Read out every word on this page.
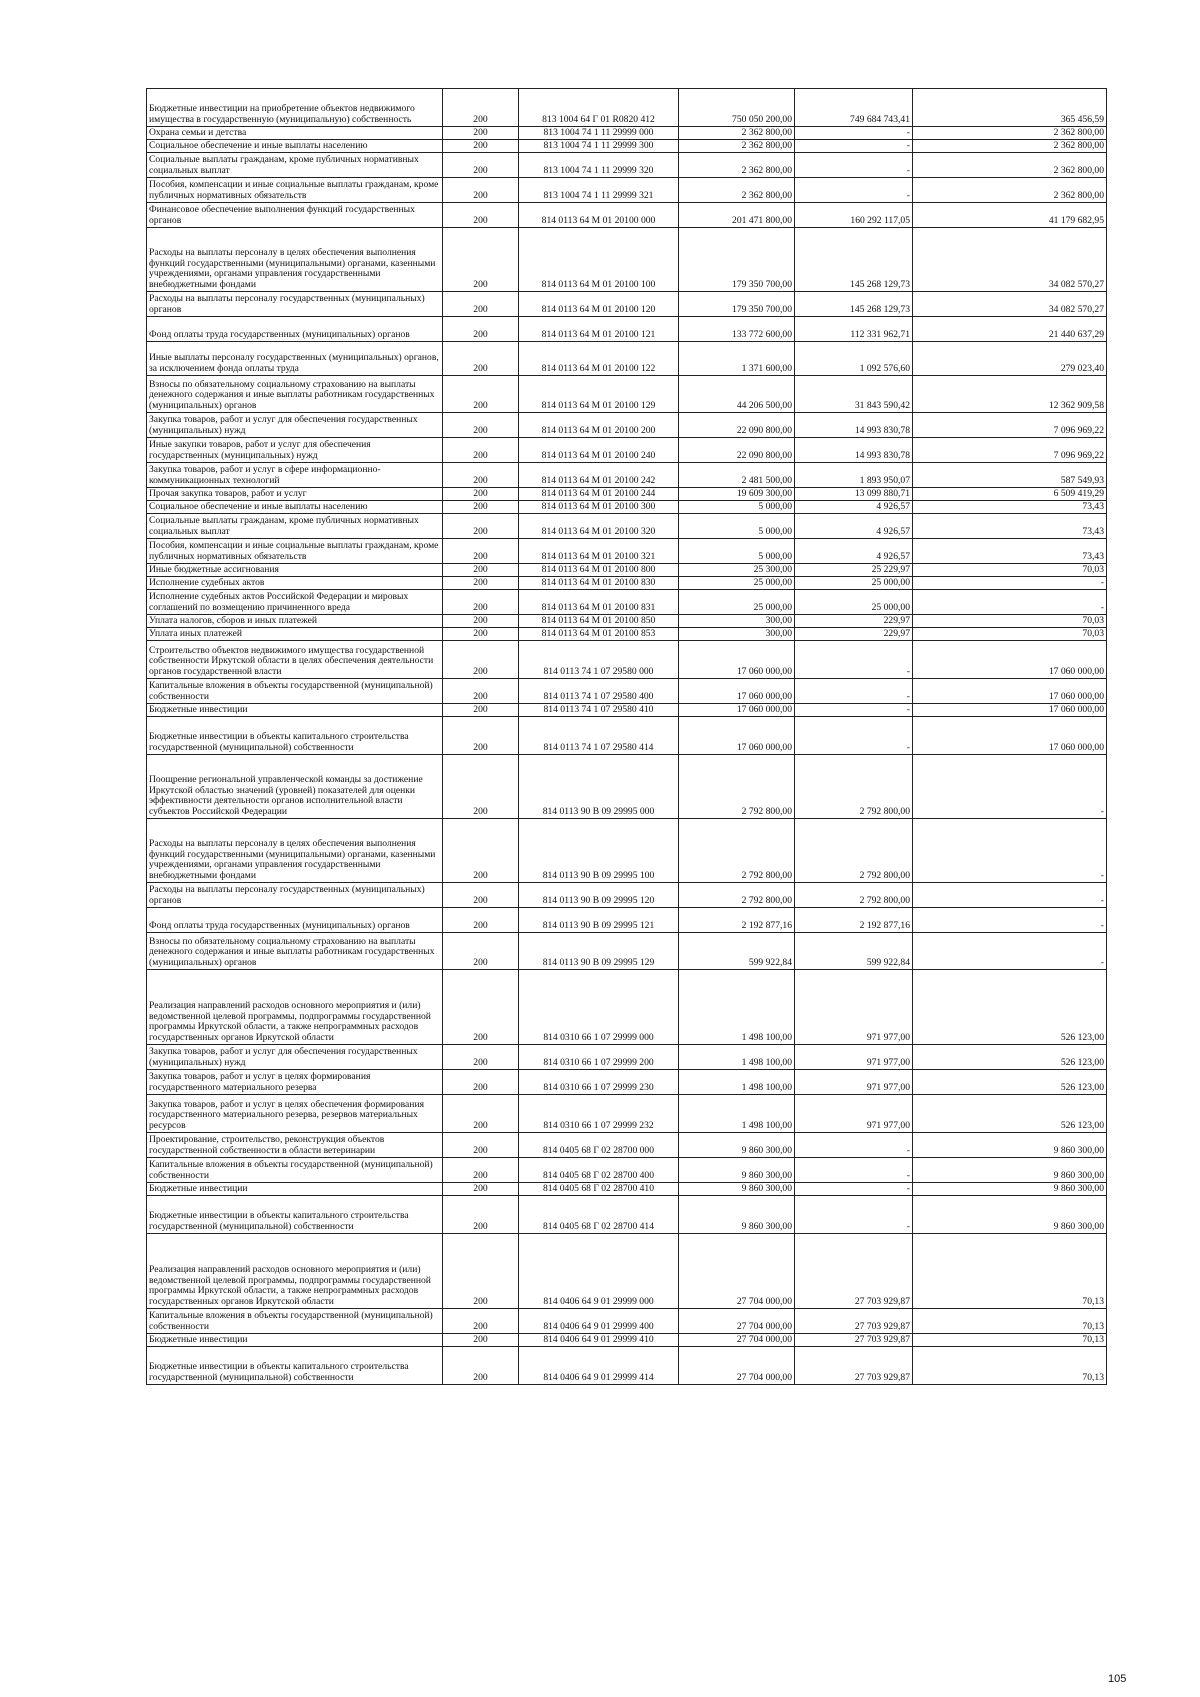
Бюджетные инвестиции на приобретение объектов недвижимого имущества в государственную (муниципальную) собственность	200	813 1004 64 Г 01 R0820 412	750 050 200,00	749 684 743,41	365 456,59
Охрана семьи и детства	200	813 1004 74 1 11 29999 000	2 362 800,00	-	2 362 800,00
Социальное обеспечение и иные выплаты населению	200	813 1004 74 1 11 29999 300	2 362 800,00	-	2 362 800,00
Социальные выплаты гражданам, кроме публичных нормативных социальных выплат	200	813 1004 74 1 11 29999 320	2 362 800,00	-	2 362 800,00
Пособия, компенсации и иные социальные выплаты гражданам, кроме публичных нормативных обязательств	200	813 1004 74 1 11 29999 321	2 362 800,00	-	2 362 800,00
Финансовое обеспечение выполнения функций государственных органов	200	814 0113 64 М 01 20100 000	201 471 800,00	160 292 117,05	41 179 682,95
Расходы на выплаты персоналу в целях обеспечения выполнения функций государственными (муниципальными) органами, казенными учреждениями, органами управления государственными внебюджетными фондами	200	814 0113 64 М 01 20100 100	179 350 700,00	145 268 129,73	34 082 570,27
Расходы на выплаты персоналу государственных (муниципальных) органов	200	814 0113 64 М 01 20100 120	179 350 700,00	145 268 129,73	34 082 570,27
Фонд оплаты труда государственных (муниципальных) органов	200	814 0113 64 М 01 20100 121	133 772 600,00	112 331 962,71	21 440 637,29
Иные выплаты персоналу государственных (муниципальных) органов, за исключением фонда оплаты труда	200	814 0113 64 М 01 20100 122	1 371 600,00	1 092 576,60	279 023,40
Взносы по обязательному социальному страхованию на выплаты денежного содержания и иные выплаты работникам государственных (муниципальных) органов	200	814 0113 64 М 01 20100 129	44 206 500,00	31 843 590,42	12 362 909,58
Закупка товаров, работ и услуг для обеспечения государственных (муниципальных) нужд	200	814 0113 64 М 01 20100 200	22 090 800,00	14 993 830,78	7 096 969,22
Иные закупки товаров, работ и услуг для обеспечения государственных (муниципальных) нужд	200	814 0113 64 М 01 20100 240	22 090 800,00	14 993 830,78	7 096 969,22
Закупка товаров, работ и услуг в сфере информационно-коммуникационных технологий	200	814 0113 64 М 01 20100 242	2 481 500,00	1 893 950,07	587 549,93
Прочая закупка товаров, работ и услуг	200	814 0113 64 М 01 20100 244	19 609 300,00	13 099 880,71	6 509 419,29
Социальное обеспечение и иные выплаты населению	200	814 0113 64 М 01 20100 300	5 000,00	4 926,57	73,43
Социальные выплаты гражданам, кроме публичных нормативных социальных выплат	200	814 0113 64 М 01 20100 320	5 000,00	4 926,57	73,43
Пособия, компенсации и иные социальные выплаты гражданам, кроме публичных нормативных обязательств	200	814 0113 64 М 01 20100 321	5 000,00	4 926,57	73,43
Иные бюджетные ассигнования	200	814 0113 64 М 01 20100 800	25 300,00	25 229,97	70,03
Исполнение судебных актов	200	814 0113 64 М 01 20100 830	25 000,00	25 000,00	-
Исполнение судебных актов Российской Федерации и мировых соглашений по возмещению причиненного вреда	200	814 0113 64 М 01 20100 831	25 000,00	25 000,00	-
Уплата налогов, сборов и иных платежей	200	814 0113 64 М 01 20100 850	300,00	229,97	70,03
Уплата иных платежей	200	814 0113 64 М 01 20100 853	300,00	229,97	70,03
Строительство объектов недвижимого имущества государственной собственности Иркутской области в целях обеспечения деятельности органов государственной власти	200	814 0113 74 1 07 29580 000	17 060 000,00	-	17 060 000,00
Капитальные вложения в объекты государственной (муниципальной) собственности	200	814 0113 74 1 07 29580 400	17 060 000,00	-	17 060 000,00
Бюджетные инвестиции	200	814 0113 74 1 07 29580 410	17 060 000,00	-	17 060 000,00
Бюджетные инвестиции в объекты капитального строительства государственной (муниципальной) собственности	200	814 0113 74 1 07 29580 414	17 060 000,00	-	17 060 000,00
Поощрение региональной управленческой команды за достижение Иркутской областью значений (уровней) показателей для оценки эффективности деятельности органов исполнительной власти субъектов Российской Федерации	200	814 0113 90 В 09 29995 000	2 792 800,00	2 792 800,00	-
Расходы на выплаты персоналу в целях обеспечения выполнения функций государственными (муниципальными) органами, казенными учреждениями, органами управления государственными внебюджетными фондами	200	814 0113 90 В 09 29995 100	2 792 800,00	2 792 800,00	-
Расходы на выплаты персоналу государственных (муниципальных) органов	200	814 0113 90 В 09 29995 120	2 792 800,00	2 792 800,00	-
Фонд оплаты труда государственных (муниципальных) органов	200	814 0113 90 В 09 29995 121	2 192 877,16	2 192 877,16	-
Взносы по обязательному социальному страхованию на выплаты денежного содержания и иные выплаты работникам государственных (муниципальных) органов	200	814 0113 90 В 09 29995 129	599 922,84	599 922,84	-
Реализация направлений расходов основного мероприятия и (или) ведомственной целевой программы, подпрограммы государственной программы Иркутской области, а также непрограммных расходов государственных органов Иркутской области	200	814 0310 66 1 07 29999 000	1 498 100,00	971 977,00	526 123,00
Закупка товаров, работ и услуг для обеспечения государственных (муниципальных) нужд	200	814 0310 66 1 07 29999 200	1 498 100,00	971 977,00	526 123,00
Закупка товаров, работ и услуг в целях формирования государственного материального резерва	200	814 0310 66 1 07 29999 230	1 498 100,00	971 977,00	526 123,00
Закупка товаров, работ и услуг в целях обеспечения формирования государственного материального резерва, резервов материальных ресурсов	200	814 0310 66 1 07 29999 232	1 498 100,00	971 977,00	526 123,00
Проектирование, строительство, реконструкция объектов государственной собственности в области ветеринарии	200	814 0405 68 Г 02 28700 000	9 860 300,00	-	9 860 300,00
Капитальные вложения в объекты государственной (муниципальной) собственности	200	814 0405 68 Г 02 28700 400	9 860 300,00	-	9 860 300,00
Бюджетные инвестиции	200	814 0405 68 Г 02 28700 410	9 860 300,00	-	9 860 300,00
Бюджетные инвестиции в объекты капитального строительства государственной (муниципальной) собственности	200	814 0405 68 Г 02 28700 414	9 860 300,00	-	9 860 300,00
Реализация направлений расходов основного мероприятия и (или) ведомственной целевой программы, подпрограммы государственной программы Иркутской области, а также непрограммных расходов государственных органов Иркутской области	200	814 0406 64 9 01 29999 000	27 704 000,00	27 703 929,87	70,13
Капитальные вложения в объекты государственной (муниципальной) собственности	200	814 0406 64 9 01 29999 400	27 704 000,00	27 703 929,87	70,13
Бюджетные инвестиции	200	814 0406 64 9 01 29999 410	27 704 000,00	27 703 929,87	70,13
Бюджетные инвестиции в объекты капитального строительства государственной (муниципальной) собственности	200	814 0406 64 9 01 29999 414	27 704 000,00	27 703 929,87	70,13
105
